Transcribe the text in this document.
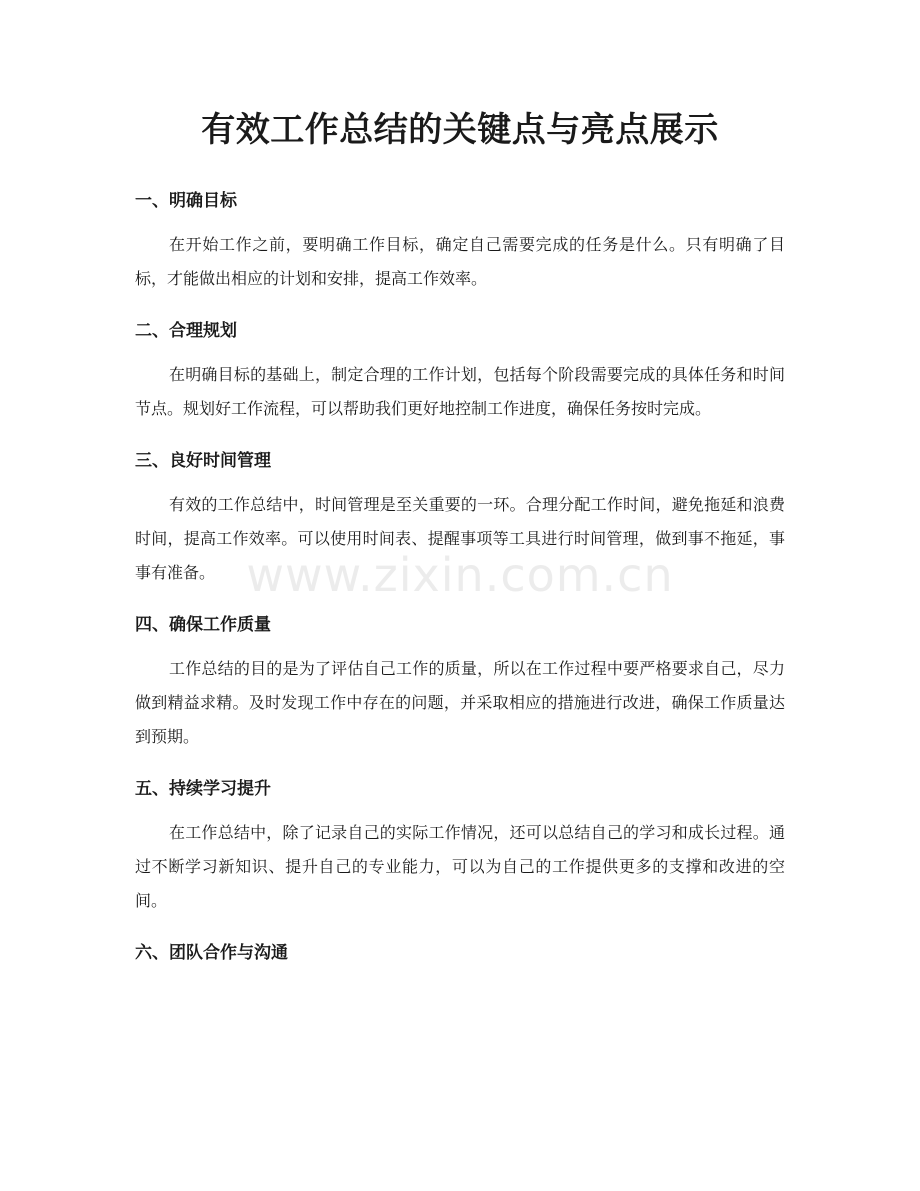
有效工作总结的关键点与亮点展示
www.zixin.com.cn
一、明确目标

在开始工作之前，要明确工作目标，确定自己需要完成的任务是什么。只有明确了目标，才能做出相应的计划和安排，提高工作效率。

二、合理规划

在明确目标的基础上，制定合理的工作计划，包括每个阶段需要完成的具体任务和时间节点。规划好工作流程，可以帮助我们更好地控制工作进度，确保任务按时完成。

三、良好时间管理

有效的工作总结中，时间管理是至关重要的一环。合理分配工作时间，避免拖延和浪费时间，提高工作效率。可以使用时间表、提醒事项等工具进行时间管理，做到事不拖延，事事有准备。

四、确保工作质量

工作总结的目的是为了评估自己工作的质量，所以在工作过程中要严格要求自己，尽力做到精益求精。及时发现工作中存在的问题，并采取相应的措施进行改进，确保工作质量达到预期。

五、持续学习提升

在工作总结中，除了记录自己的实际工作情况，还可以总结自己的学习和成长过程。通过不断学习新知识、提升自己的专业能力，可以为自己的工作提供更多的支撑和改进的空间。

六、团队合作与沟通
